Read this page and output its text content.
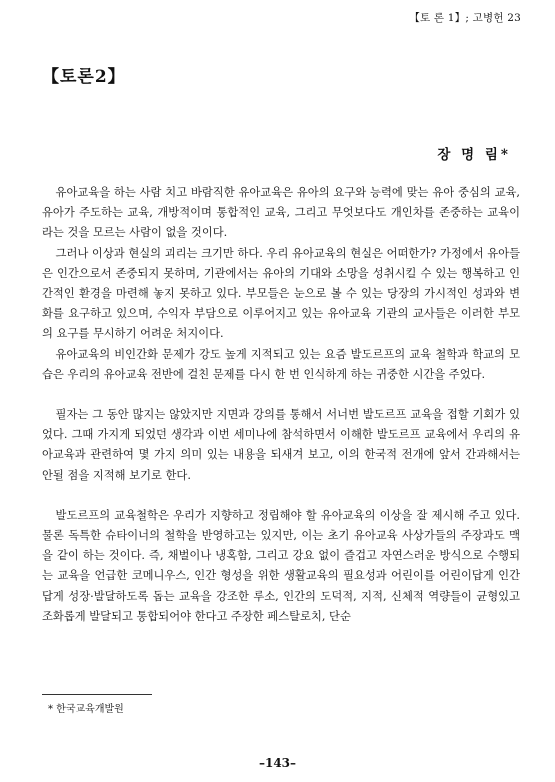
【토 론 1】; 고병헌 23
【토론2】
장 명 림*

유아교육을 하는 사람 치고 바람직한 유아교육은 유아의 요구와 능력에 맞는 유아 중심의 교육, 유아가 주도하는 교육, 개방적이며 통합적인 교육, 그리고 무엇보다도 개인차를 존중하는 교육이라는 것을 모르는 사람이 없을 것이다.

그러나 이상과 현실의 괴리는 크기만 하다. 우리 유아교육의 현실은 어떠한가? 가정에서 유아들은 인간으로서 존중되지 못하며, 기관에서는 유아의 기대와 소망을 성취시킬 수 있는 행복하고 인간적인 환경을 마련해 놓지 못하고 있다. 부모들은 눈으로 볼 수 있는 당장의 가시적인 성과와 변화를 요구하고 있으며, 수익자 부담으로 이루어지고 있는 유아교육 기관의 교사들은 이러한 부모의 요구를 무시하기 어려운 처지이다.

유아교육의 비인간화 문제가 강도 높게 지적되고 있는 요즘 발도르프의 교육 철학과 학교의 모습은 우리의 유아교육 전반에 걸친 문제를 다시 한 번 인식하게 하는 귀중한 시간을 주었다.

필자는 그 동안 많지는 않았지만 지면과 강의를 통해서 서너번 발도르프 교육을 접할 기회가 있었다. 그때 가지게 되었던 생각과 이번 세미나에 참석하면서 이해한 발도르프 교육에서 우리의 유아교육과 관련하여 몇 가지 의미 있는 내용을 되새겨 보고, 이의 한국적 전개에 앞서 간과해서는 안될 점을 지적해 보기로 한다.

발도르프의 교육철학은 우리가 지향하고 정립해야 할 유아교육의 이상을 잘 제시해 주고 있다. 물론 독특한 슈타이너의 철학을 반영하고는 있지만, 이는 초기 유아교육 사상가들의 주장과도 맥을 같이 하는 것이다. 즉, 채벌이나 냉혹함, 그리고 강요 없이 즐겁고 자연스러운 방식으로 수행되는 교육을 언급한 코메니우스, 인간 형성을 위한 생활교육의 필요성과 어린이를 어린이답게 인간답게 성장·발달하도록 돕는 교육을 강조한 루소, 인간의 도덕적, 지적, 신체적 역량들이 균형있고 조화롭게 발달되고 통합되어야 한다고 주장한 페스탈로치, 단순

* 한국교육개발원
–143–
